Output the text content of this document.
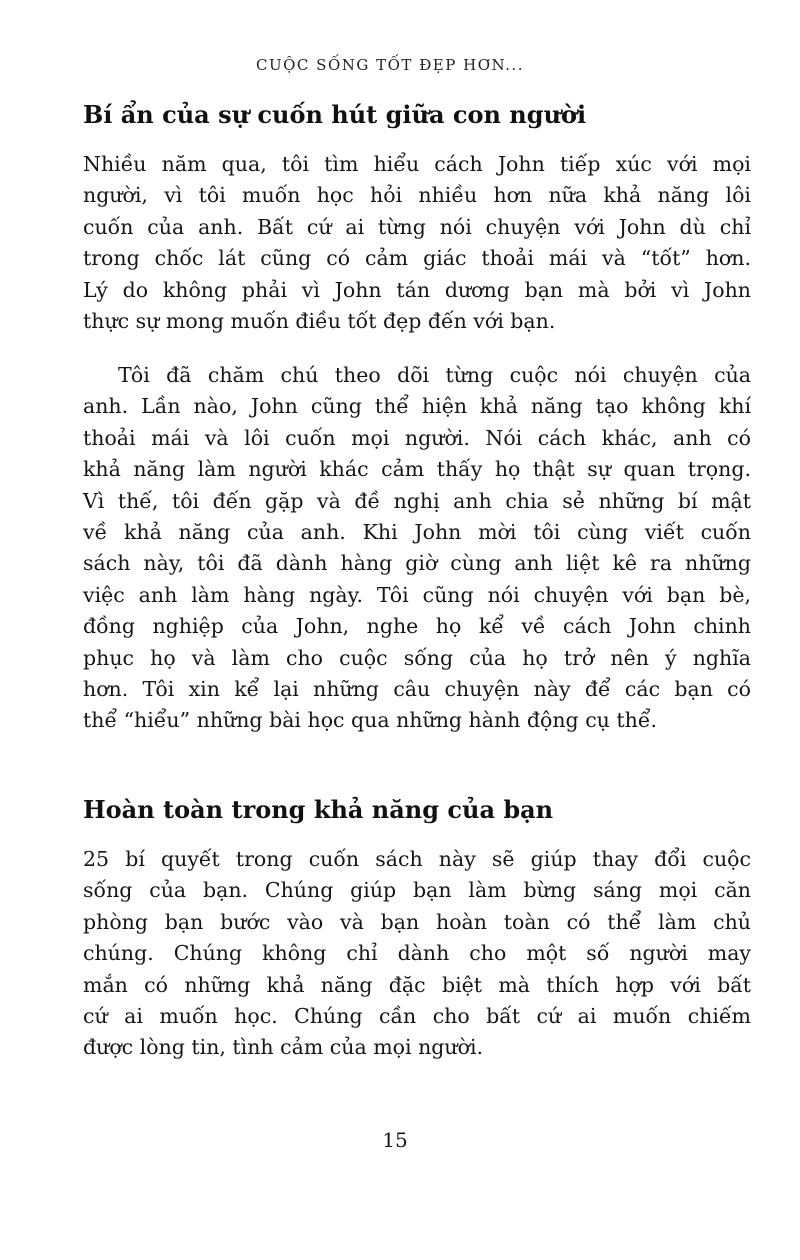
CUỘC SỐNG TỐT ĐẸP HƠN...
Bí ẩn của sự cuốn hút giữa con người
Nhiều năm qua, tôi tìm hiểu cách John tiếp xúc với mọi
người, vì tôi muốn học hỏi nhiều hơn nữa khả năng lôi
cuốn của anh. Bất cứ ai từng nói chuyện với John dù chỉ
trong chốc lát cũng có cảm giác thoải mái và “tốt” hơn.
Lý do không phải vì John tán dương bạn mà bởi vì John
thực sự mong muốn điều tốt đẹp đến với bạn.
Tôi đã chăm chú theo dõi từng cuộc nói chuyện của
anh. Lần nào, John cũng thể hiện khả năng tạo không khí
thoải mái và lôi cuốn mọi người. Nói cách khác, anh có
khả năng làm người khác cảm thấy họ thật sự quan trọng.
Vì thế, tôi đến gặp và đề nghị anh chia sẻ những bí mật
về khả năng của anh. Khi John mời tôi cùng viết cuốn
sách này, tôi đã dành hàng giờ cùng anh liệt kê ra những
việc anh làm hàng ngày. Tôi cũng nói chuyện với bạn bè,
đồng nghiệp của John, nghe họ kể về cách John chinh
phục họ và làm cho cuộc sống của họ trở nên ý nghĩa
hơn. Tôi xin kể lại những câu chuyện này để các bạn có
thể “hiểu” những bài học qua những hành động cụ thể.
Hoàn toàn trong khả năng của bạn
25 bí quyết trong cuốn sách này sẽ giúp thay đổi cuộc
sống của bạn. Chúng giúp bạn làm bừng sáng mọi căn
phòng bạn bước vào và bạn hoàn toàn có thể làm chủ
chúng. Chúng không chỉ dành cho một số người may
mắn có những khả năng đặc biệt mà thích hợp với bất
cứ ai muốn học. Chúng cần cho bất cứ ai muốn chiếm
được lòng tin, tình cảm của mọi người.
15
